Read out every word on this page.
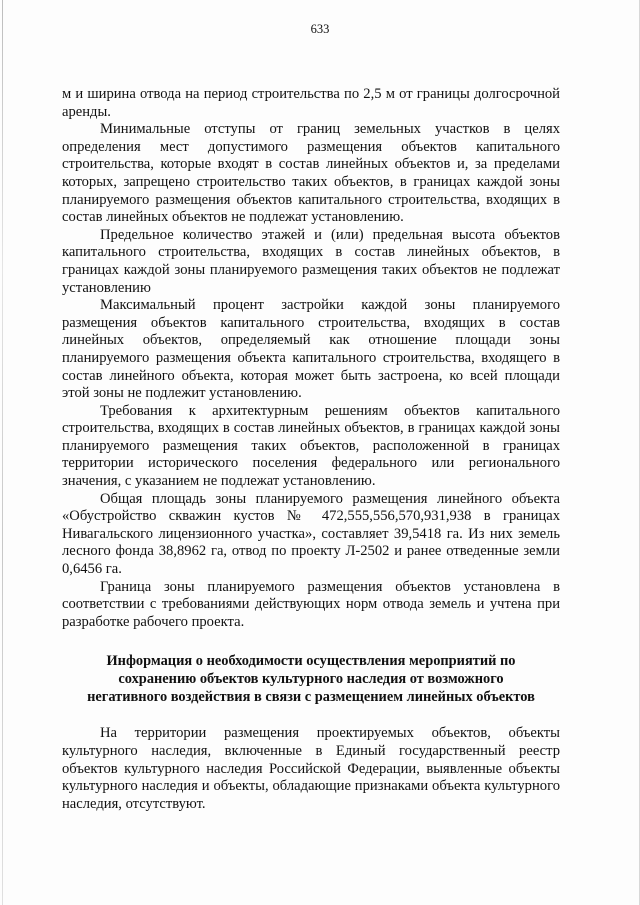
633

м и ширина отвода на период строительства по 2,5 м от границы долгосрочной аренды.

Минимальные отступы от границ земельных участков в целях определения мест допустимого размещения объектов капитального строительства, которые входят в состав линейных объектов и, за пределами которых, запрещено строительство таких объектов, в границах каждой зоны планируемого размещения объектов капитального строительства, входящих в состав линейных объектов не подлежат установлению.

Предельное количество этажей и (или) предельная высота объектов капитального строительства, входящих в состав линейных объектов, в границах каждой зоны планируемого размещения таких объектов не подлежат установлению

Максимальный процент застройки каждой зоны планируемого размещения объектов капитального строительства, входящих в состав линейных объектов, определяемый как отношение площади зоны планируемого размещения объекта капитального строительства, входящего в состав линейного объекта, которая может быть застроена, ко всей площади этой зоны не подлежит установлению.

Требования к архитектурным решениям объектов капитального строительства, входящих в состав линейных объектов, в границах каждой зоны планируемого размещения таких объектов, расположенной в границах территории исторического поселения федерального или регионального значения, с указанием не подлежат установлению.

Общая площадь зоны планируемого размещения линейного объекта «Обустройство скважин кустов № 472,555,556,570,931,938 в границах Нивагальского лицензионного участка», составляет 39,5418 га. Из них земель лесного фонда 38,8962 га, отвод по проекту Л-2502 и ранее отведенные земли 0,6456 га.

Граница зоны планируемого размещения объектов установлена в соответствии с требованиями действующих норм отвода земель и учтена при разработке рабочего проекта.

Информация о необходимости осуществления мероприятий по
сохранению объектов культурного наследия от возможного
негативного воздействия в связи с размещением линейных объектов

На территории размещения проектируемых объектов, объекты культурного наследия, включенные в Единый государственный реестр объектов культурного наследия Российской Федерации, выявленные объекты культурного наследия и объекты, обладающие признаками объекта культурного наследия, отсутствуют.
